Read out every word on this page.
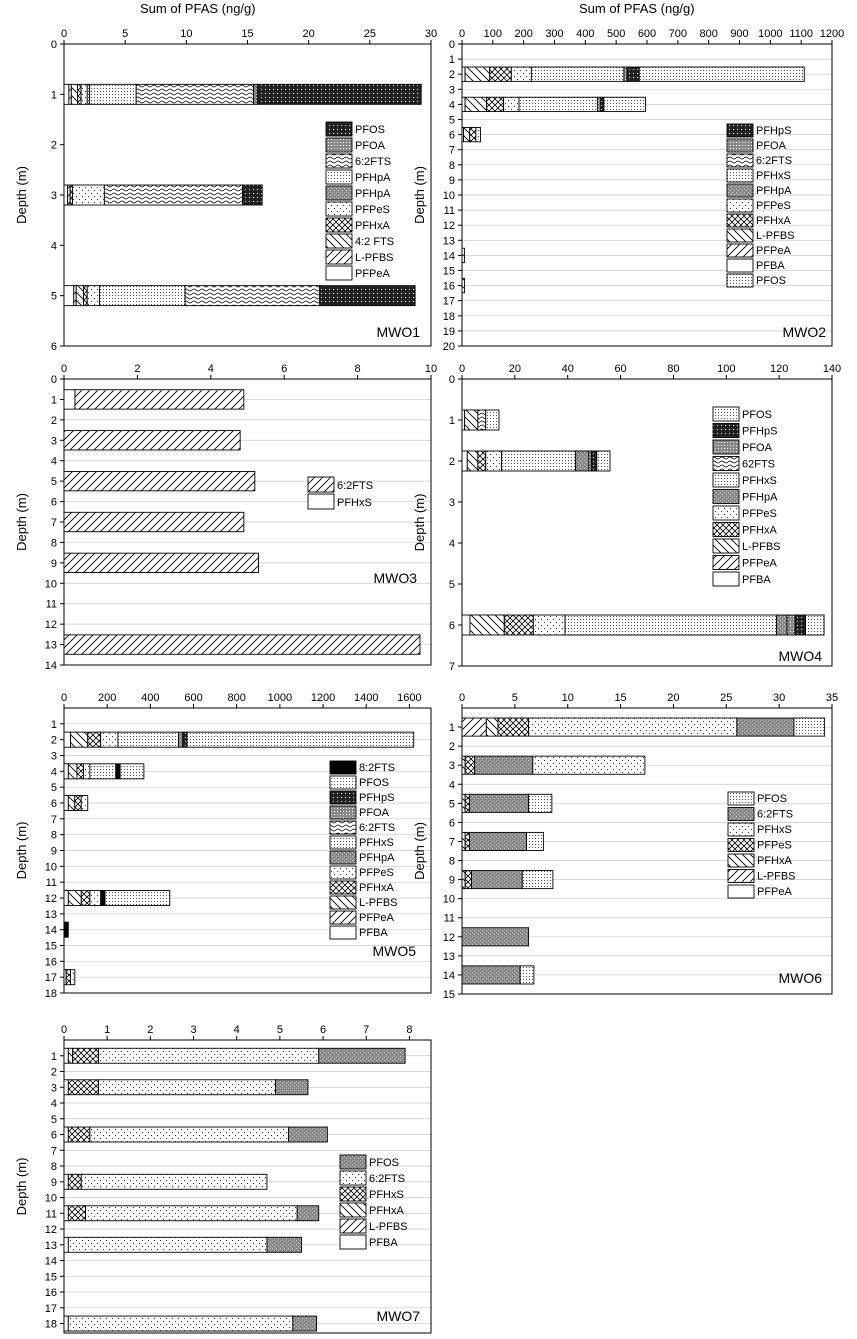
Sum of PFAS (ng/g)	Sum of PFAS (ng/g)
0	5	10	15	20	25	30
0
1
2
3
4
5
6
Depth (m)
PFOS
PFOA
6:2FTS
PFHpA
PFHpA
PFPeS
PFHxA
4:2 FTS
L-PFBS
PFPeA
MWO1
0 100 200 300 400 500 600 700 800 900 1000 1100 1200
0
1
2
3
4
5
6
7
8
9
10
11
12
13
14
15
16
17
18
19
20
Depth (m)
PFHpS
PFOA
6:2FTS
PFHxS
PFHpA
PFPeS
PFHxA
L-PFBS
PFPeA
PFBA
PFOS
MWO2
0	2	4	6	8	10
0
1
2
3
4
5
6
7
8
9
10
11
12
13
14
Depth (m)
6:2FTS
PFHxS
MWO3
0	20	40	60	80	100	120	140
0
1
2
3
4
5
6
7
Depth (m)
PFOS
PFHpS
PFOA
62FTS
PFHxS
PFHpA
PFPeS
PFHxA
L-PFBS
PFPeA
PFBA
MWO4
0	200 400 600 800 1000 1200 1400 1600
1
2
3
4
5
6
7
8
9
10
11
12
13
14
15
16
17
18
Depth (m)
8:2FTS
PFOS
PFHpS
PFOA
6:2FTS
PFHxS
PFHpA
PFPeS
PFHxA
L-PFBS
PFPeA
PFBA
MWO5
0	5	10	15	20	25	30	35
1
2
3
4
5
6
7
8
9
10
11
12
13
14
15
Depth (m)
PFOS
6:2FTS
PFHxS
PFPeS
PFHxA
L-PFBS
PFPeA
MWO6
0	1	2	3	4	5	6	7	8
1
2
3
4
5
6
7
8
9
10
11
12
13
14
15
16
17
18
Depth (m)	PFOS
6:2FTS
PFHxS
PFHxA
L-PFBS
PFBA
MWO7
